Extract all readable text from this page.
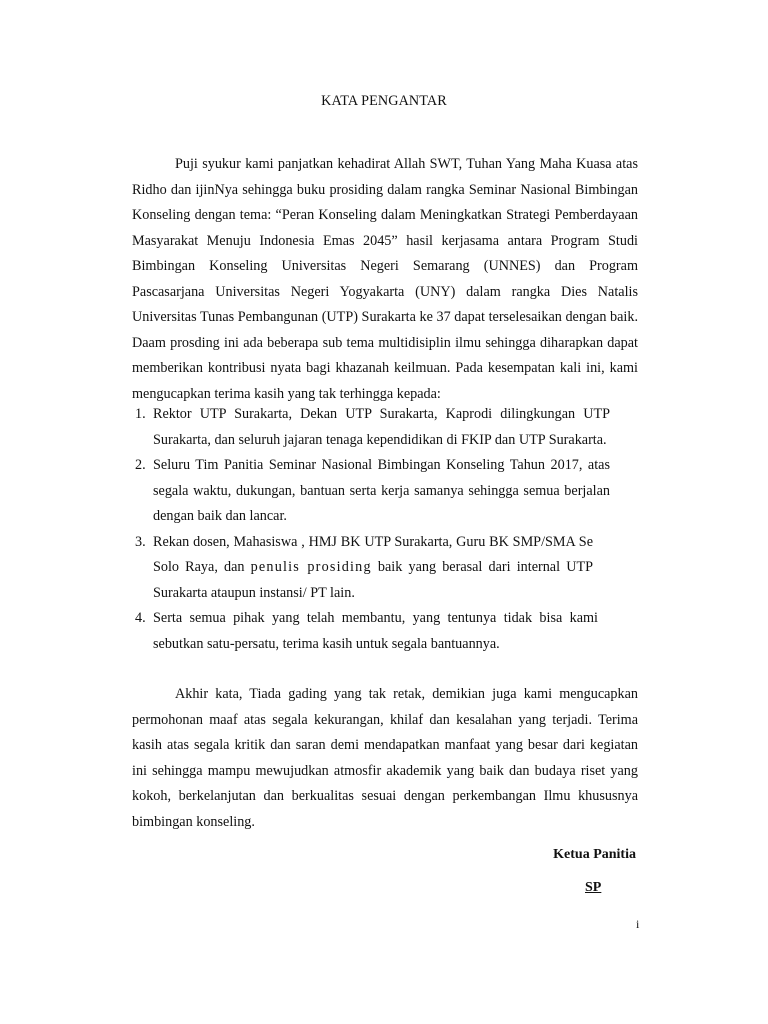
KATA PENGANTAR

Puji syukur kami panjatkan kehadirat Allah SWT, Tuhan Yang Maha Kuasa atas Ridho dan ijinNya sehingga buku prosiding dalam rangka Seminar Nasional Bimbingan Konseling dengan tema: “Peran Konseling dalam Meningkatkan Strategi Pemberdayaan Masyarakat Menuju Indonesia Emas 2045” hasil kerjasama antara Program Studi Bimbingan Konseling Universitas Negeri Semarang (UNNES) dan Program Pascasarjana Universitas Negeri Yogyakarta (UNY) dalam rangka Dies Natalis Universitas Tunas Pembangunan (UTP) Surakarta ke 37 dapat terselesaikan dengan baik. Daam prosding ini ada beberapa sub tema multidisiplin ilmu sehingga diharapkan dapat memberikan kontribusi nyata bagi khazanah keilmuan. Pada kesempatan kali ini, kami mengucapkan terima kasih yang tak terhingga kepada:

1. Rektor UTP Surakarta, Dekan UTP Surakarta, Kaprodi dilingkungan UTP Surakarta, dan seluruh jajaran tenaga kependidikan di FKIP dan UTP Surakarta.
2. Seluru Tim Panitia Seminar Nasional Bimbingan Konseling Tahun 2017, atas segala waktu, dukungan, bantuan serta kerja samanya sehingga semua berjalan dengan baik dan lancar.
3. Rekan dosen, Mahasiswa , HMJ BK UTP Surakarta, Guru BK SMP/SMA Se Solo Raya, dan penulis prosiding baik yang berasal dari internal UTP Surakarta ataupun instansi/ PT lain.
4. Serta semua pihak yang telah membantu, yang tentunya tidak bisa kami sebutkan satu-persatu, terima kasih untuk segala bantuannya.

Akhir kata, Tiada gading yang tak retak, demikian juga kami mengucapkan permohonan maaf atas segala kekurangan, khilaf dan kesalahan yang terjadi. Terima kasih atas segala kritik dan saran demi mendapatkan manfaat yang besar dari kegiatan ini sehingga mampu mewujudkan atmosfir akademik yang baik dan budaya riset yang kokoh, berkelanjutan dan berkualitas sesuai dengan perkembangan Ilmu khususnya bimbingan konseling.

Ketua Panitia
SP
i
